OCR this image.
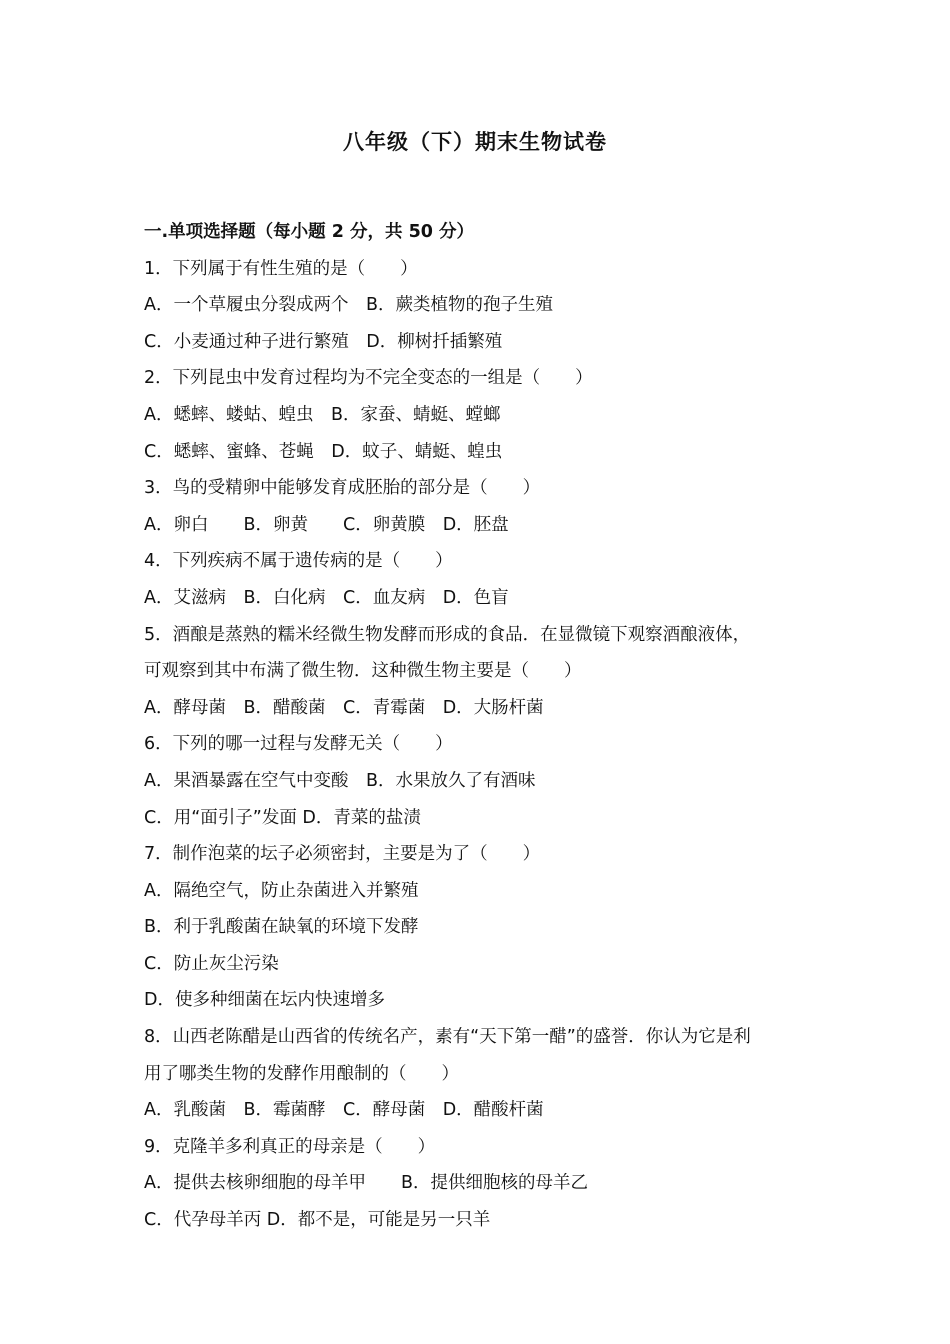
八年级（下）期末生物试卷
一.单项选择题（每小题 2 分，共 50 分）
1．下列属于有性生殖的是（　　）
A．一个草履虫分裂成两个　B．蕨类植物的孢子生殖
C．小麦通过种子进行繁殖　D．柳树扦插繁殖
2．下列昆虫中发育过程均为不完全变态的一组是（　　）
A．蟋蟀、蝼蛄、蝗虫　B．家蚕、蜻蜓、螳螂
C．蟋蟀、蜜蜂、苍蝇　D．蚊子、蜻蜓、蝗虫
3．鸟的受精卵中能够发育成胚胎的部分是（　　）
A．卵白　　B．卵黄　　C．卵黄膜　D．胚盘
4．下列疾病不属于遗传病的是（　　）
A．艾滋病　B．白化病　C．血友病　D．色盲
5．酒酿是蒸熟的糯米经微生物发酵而形成的食品．在显微镜下观察酒酿液体，
可观察到其中布满了微生物．这种微生物主要是（　　）
A．酵母菌　B．醋酸菌　C．青霉菌　D．大肠杆菌
6．下列的哪一过程与发酵无关（　　）
A．果酒暴露在空气中变酸　B．水果放久了有酒味
C．用“面引子”发面 D．青菜的盐渍
7．制作泡菜的坛子必须密封，主要是为了（　　）
A．隔绝空气，防止杂菌进入并繁殖
B．利于乳酸菌在缺氧的环境下发酵
C．防止灰尘污染
D．使多种细菌在坛内快速增多
8．山西老陈醋是山西省的传统名产，素有“天下第一醋”的盛誉．你认为它是利
用了哪类生物的发酵作用酿制的（　　）
A．乳酸菌　B．霉菌酵　C．酵母菌　D．醋酸杆菌
9．克隆羊多利真正的母亲是（　　）
A．提供去核卵细胞的母羊甲　　B．提供细胞核的母羊乙
C．代孕母羊丙 D．都不是，可能是另一只羊
